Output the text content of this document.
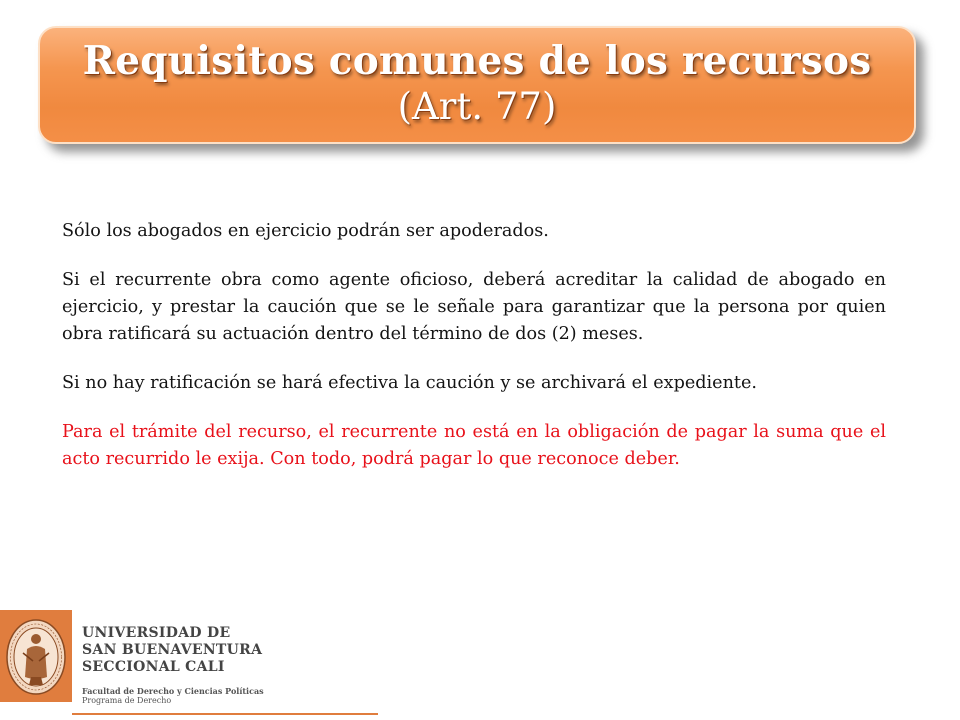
Requisitos comunes de los recursos
(Art. 77)

Sólo los abogados en ejercicio podrán ser apoderados.

Si el recurrente obra como agente oficioso, deberá acreditar la calidad de abogado en ejercicio, y prestar la caución que se le señale para garantizar que la persona por quien obra ratificará su actuación dentro del término de dos (2) meses.

Si no hay ratificación se hará efectiva la caución y se archivará el expediente.

Para el trámite del recurso, el recurrente no está en la obligación de pagar la suma que el acto recurrido le exija. Con todo, podrá pagar lo que reconoce deber.

UNIVERSIDAD DE
SAN BUENAVENTURA
SECCIONAL CALI
Facultad de Derecho y Ciencias Políticas
Programa de Derecho
